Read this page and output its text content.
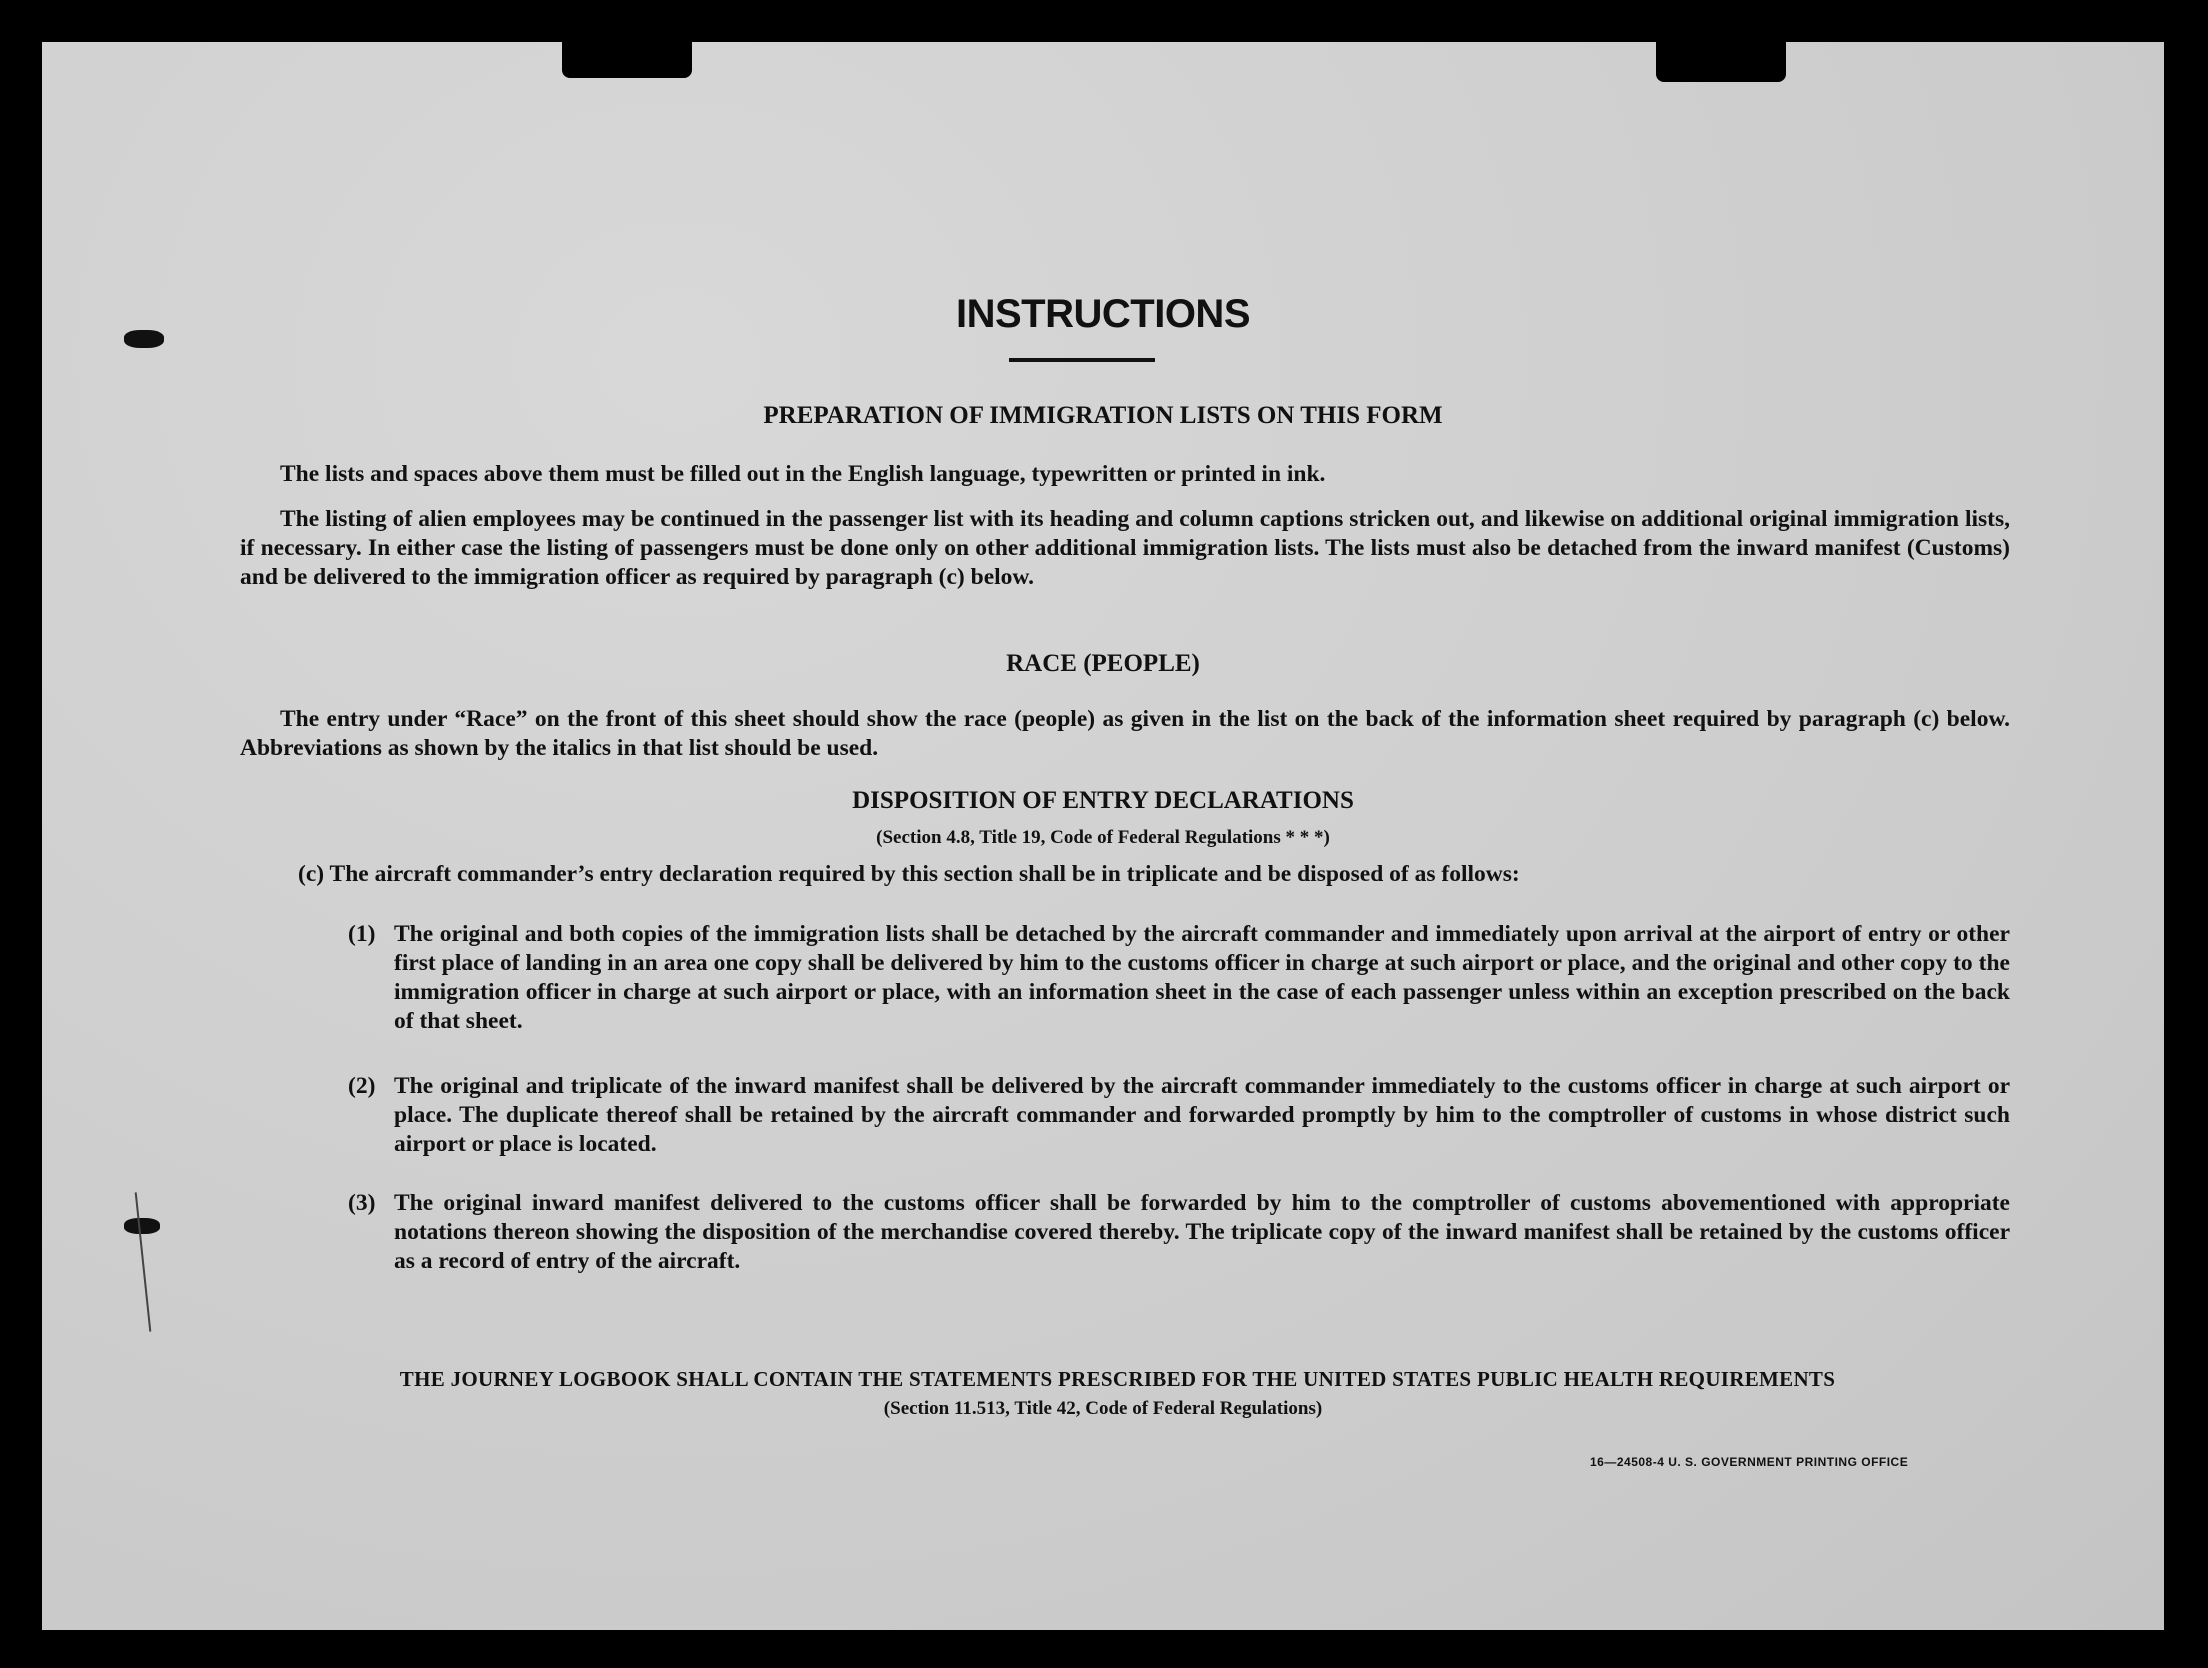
INSTRUCTIONS
PREPARATION OF IMMIGRATION LISTS ON THIS FORM
The lists and spaces above them must be filled out in the English language, typewritten or printed in ink.
The listing of alien employees may be continued in the passenger list with its heading and column captions stricken out, and likewise on additional original immigration lists, if necessary. In either case the listing of passengers must be done only on other additional immigration lists. The lists must also be detached from the inward manifest (Customs) and be delivered to the immigration officer as required by paragraph (c) below.
RACE (PEOPLE)
The entry under “Race” on the front of this sheet should show the race (people) as given in the list on the back of the information sheet required by paragraph (c) below. Abbreviations as shown by the italics in that list should be used.
DISPOSITION OF ENTRY DECLARATIONS
(Section 4.8, Title 19, Code of Federal Regulations * * *)
(c) The aircraft commander’s entry declaration required by this section shall be in triplicate and be disposed of as follows:
(1) The original and both copies of the immigration lists shall be detached by the aircraft commander and immediately upon arrival at the airport of entry or other first place of landing in an area one copy shall be delivered by him to the customs officer in charge at such airport or place, and the original and other copy to the immigration officer in charge at such airport or place, with an information sheet in the case of each passenger unless within an exception prescribed on the back of that sheet.
(2) The original and triplicate of the inward manifest shall be delivered by the aircraft commander immediately to the customs officer in charge at such airport or place. The duplicate thereof shall be retained by the aircraft commander and forwarded promptly by him to the comptroller of customs in whose district such airport or place is located.
(3) The original inward manifest delivered to the customs officer shall be forwarded by him to the comptroller of customs abovementioned with appropriate notations thereon showing the disposition of the merchandise covered thereby. The triplicate copy of the inward manifest shall be retained by the customs officer as a record of entry of the aircraft.
THE JOURNEY LOGBOOK SHALL CONTAIN THE STATEMENTS PRESCRIBED FOR THE UNITED STATES PUBLIC HEALTH REQUIREMENTS
(Section 11.513, Title 42, Code of Federal Regulations)
16—24508-4 U. S. GOVERNMENT PRINTING OFFICE
